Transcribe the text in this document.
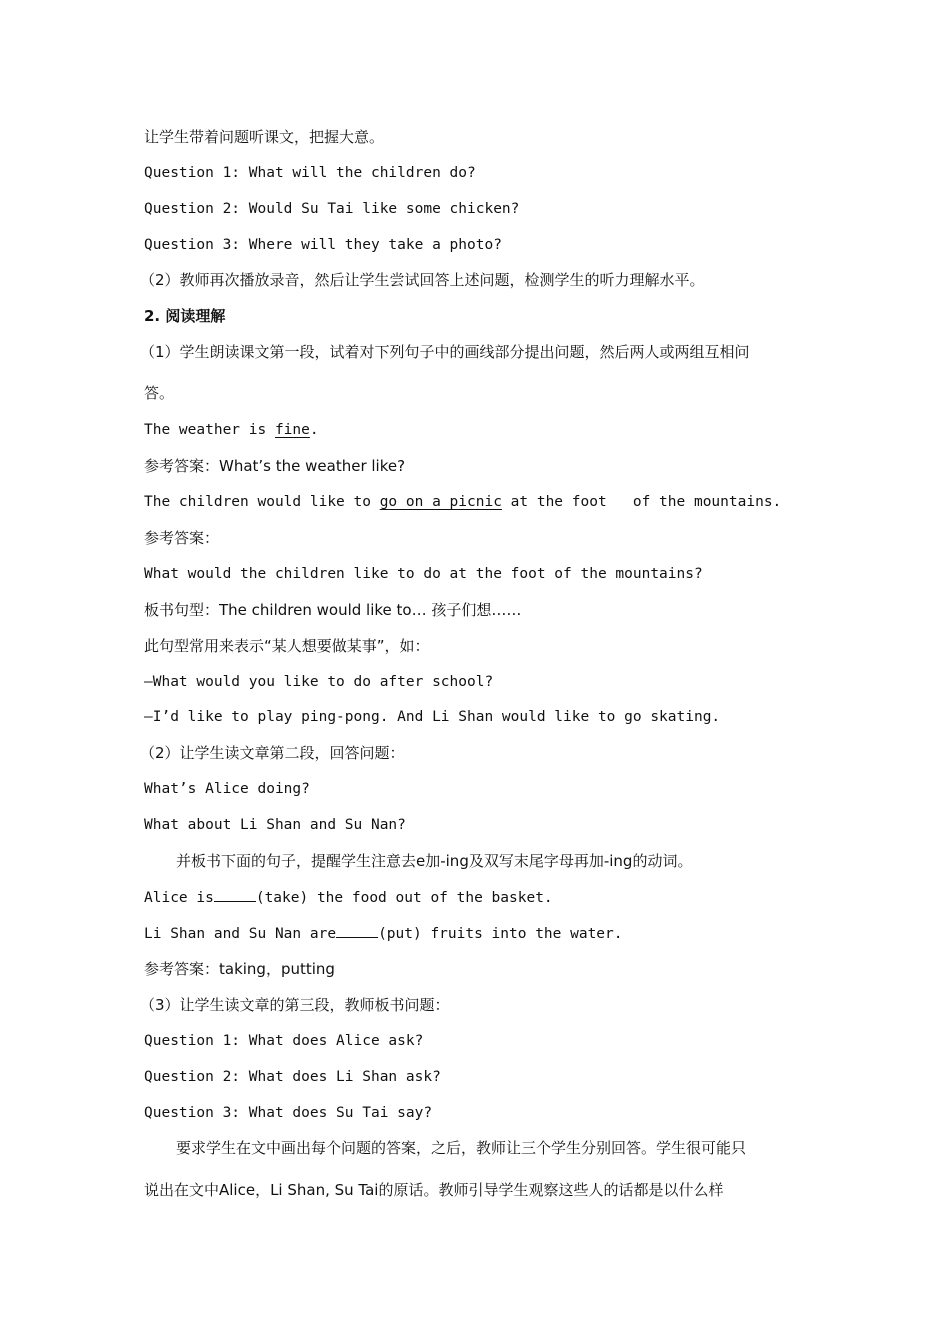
让学生带着问题听课文，把握大意。
Question 1: What will the children do?
Question 2: Would Su Tai like some chicken?
Question 3: Where will they take a photo?
（2）教师再次播放录音，然后让学生尝试回答上述问题，检测学生的听力理解水平。
2. 阅读理解
（1）学生朗读课文第一段，试着对下列句子中的画线部分提出问题，然后两人或两组互相问
答。
The weather is fine.
参考答案：What’s the weather like?
The children would like to go on a picnic at the foot   of the mountains.
参考答案：
What would the children like to do at the foot of the mountains?
板书句型：The children would like to… 孩子们想……
此句型常用来表示“某人想要做某事”，如：
—What would you like to do after school?
—I’d like to play ping-pong. And Li Shan would like to go skating.
（2）让学生读文章第二段，回答问题：
What’s Alice doing?
What about Li Shan and Su Nan?
并板书下面的句子，提醒学生注意去e加-ing及双写末尾字母再加-ing的动词。
Alice is	(take) the food out of the basket.
Li Shan and Su Nan are	(put) fruits into the water.
参考答案：taking，putting
（3）让学生读文章的第三段，教师板书问题：
Question 1: What does Alice ask?
Question 2: What does Li Shan ask?
Question 3: What does Su Tai say?
要求学生在文中画出每个问题的答案，之后，教师让三个学生分别回答。学生很可能只
说出在文中Alice，Li Shan, Su Tai的原话。教师引导学生观察这些人的话都是以什么样
